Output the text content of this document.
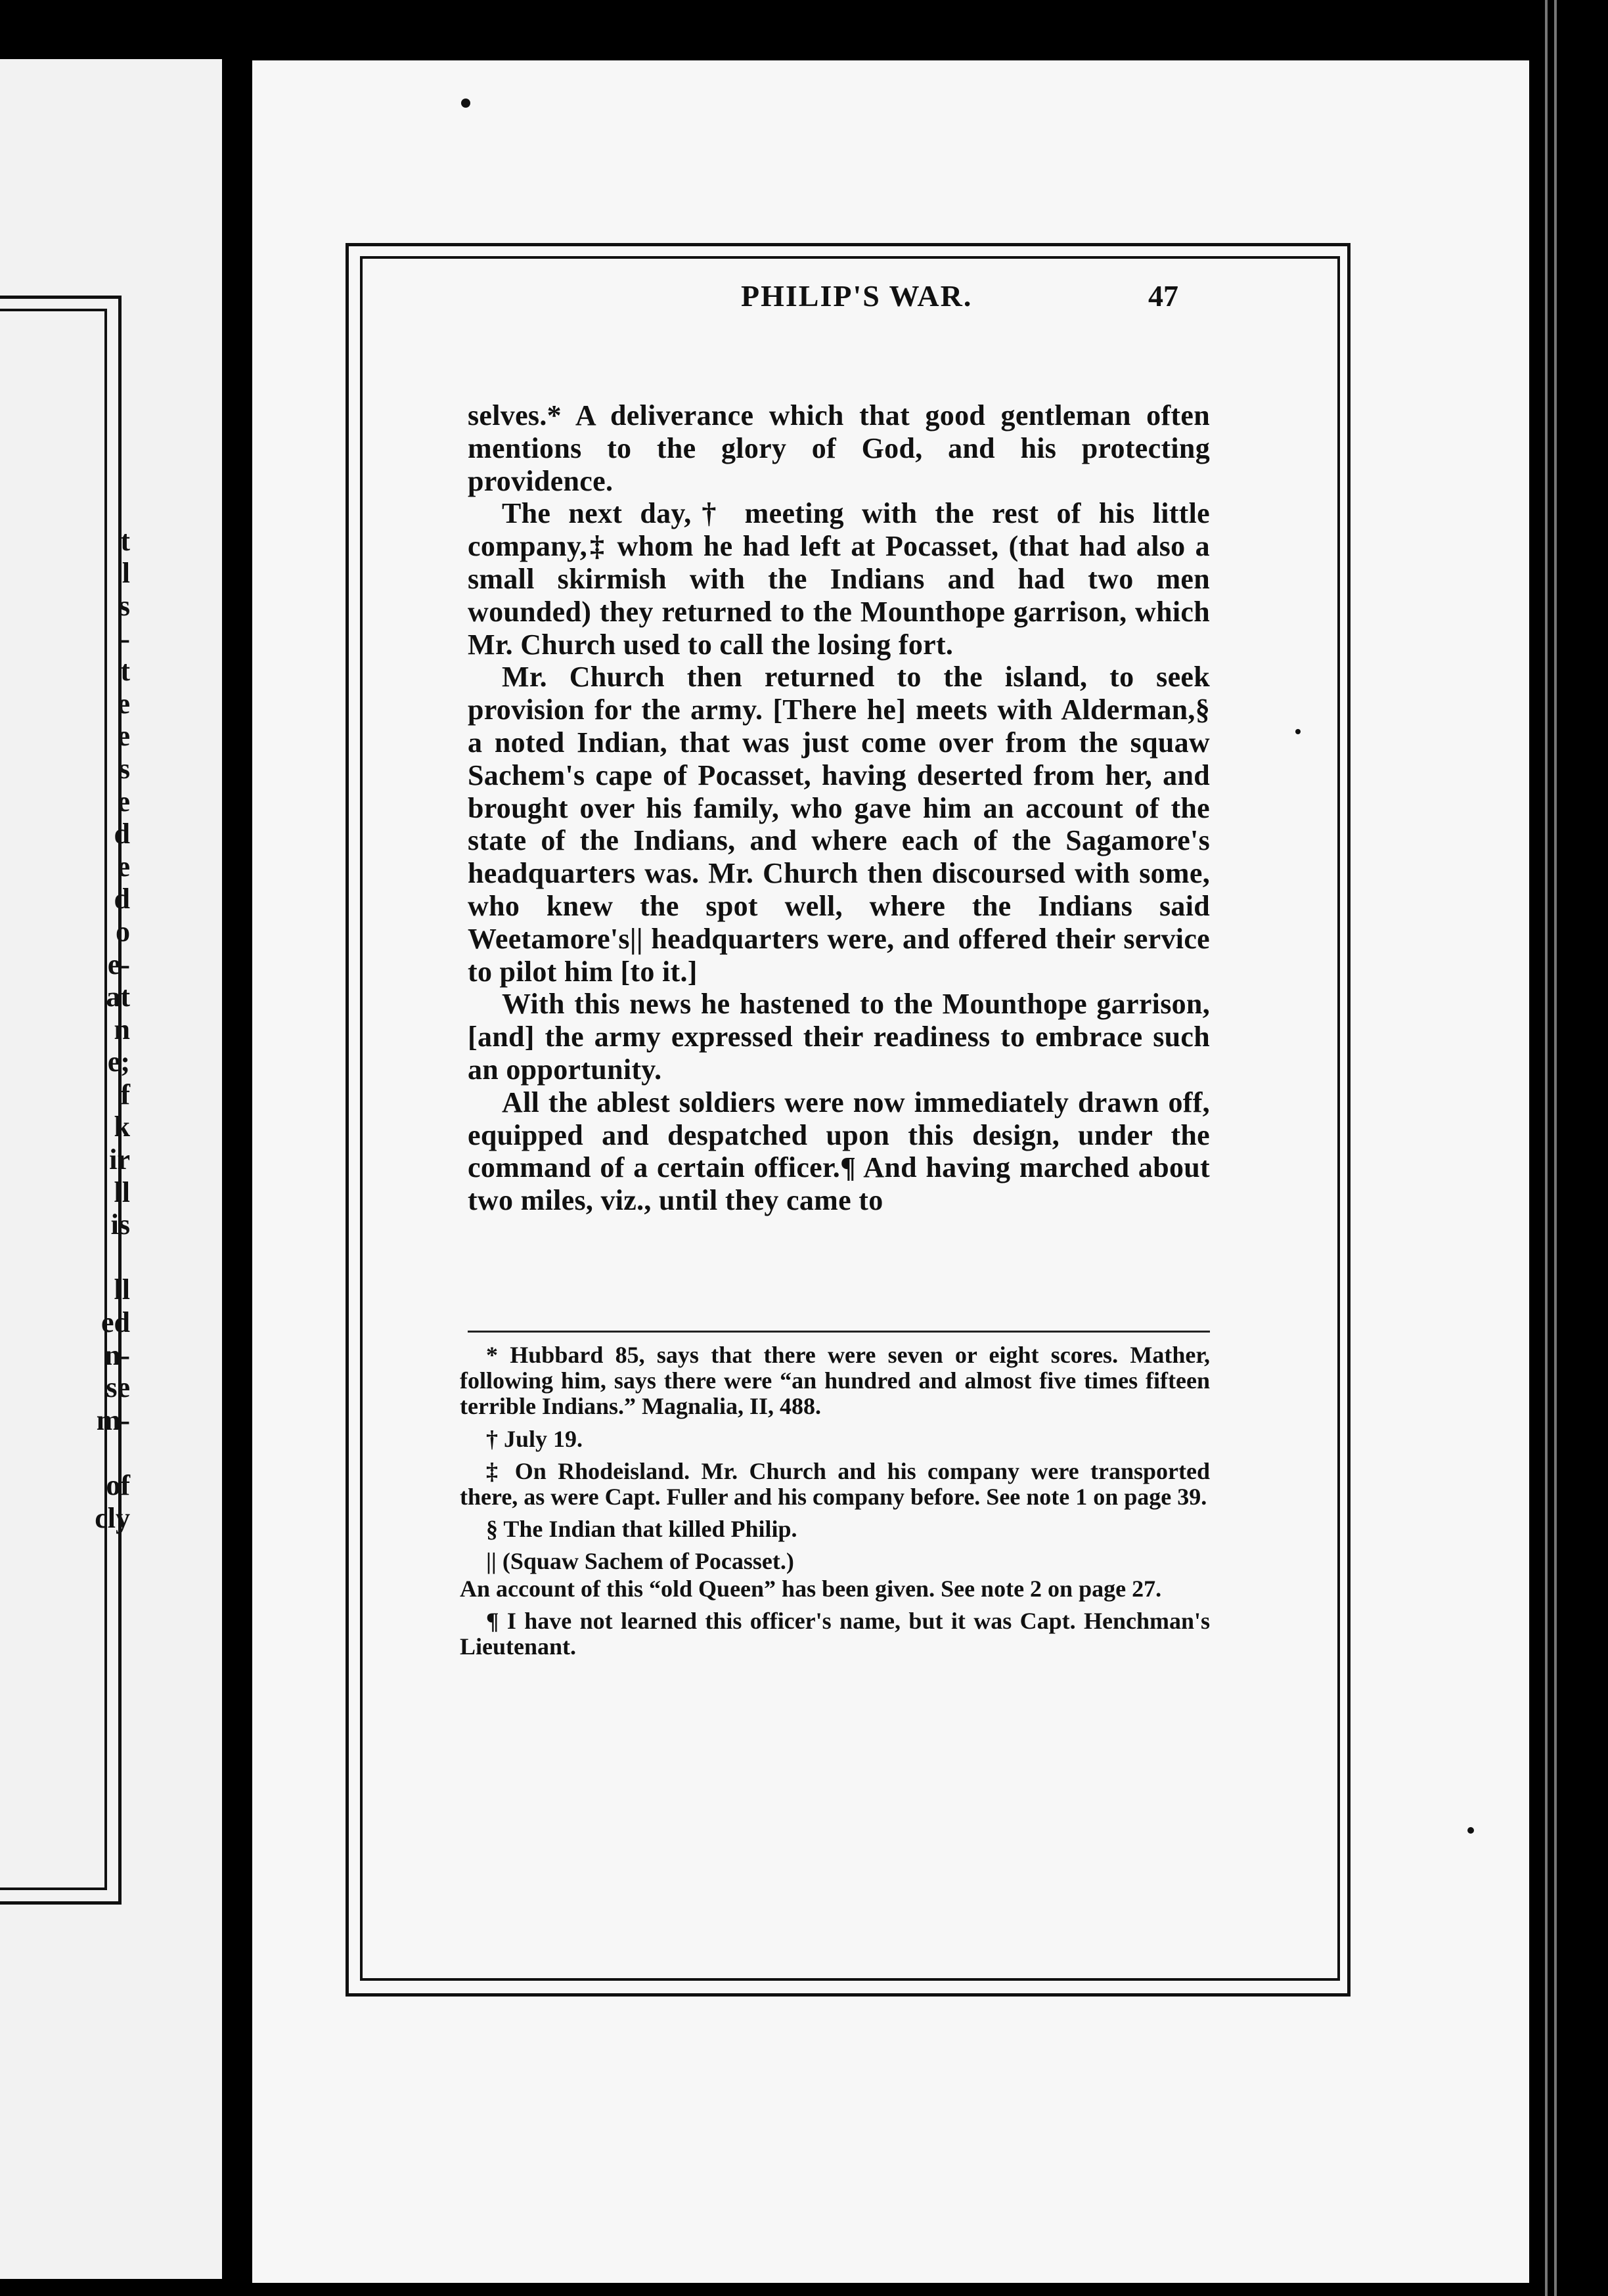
t
l
s
-
t
e
e
s
e
d
e
d
o
e-
at
n
e;
f
k
ir
ll
is

ll
ed
n-
se
m-

of
cly
PHILIP'S WAR.	47

selves.* A deliverance which that good gentleman often mentions to the glory of God, and his protecting providence.

The next day,† meeting with the rest of his little company,‡ whom he had left at Pocasset, (that had also a small skirmish with the Indians and had two men wounded) they returned to the Mounthope garrison, which Mr. Church used to call the losing fort.

Mr. Church then returned to the island, to seek provision for the army. [There he] meets with Alderman,§ a noted Indian, that was just come over from the squaw Sachem's cape of Pocasset, having deserted from her, and brought over his family, who gave him an account of the state of the Indians, and where each of the Sagamore's headquarters was. Mr. Church then discoursed with some, who knew the spot well, where the Indians said Weetamore's|| headquarters were, and offered their service to pilot him [to it.]

With this news he hastened to the Mounthope garrison, [and] the army expressed their readiness to embrace such an opportunity.

All the ablest soldiers were now immediately drawn off, equipped and despatched upon this design, under the command of a certain officer.¶ And having marched about two miles, viz., until they came to

* Hubbard 85, says that there were seven or eight scores. Mather, following him, says there were “an hundred and almost five times fifteen terrible Indians.” Magnalia, II, 488.

† July 19.

‡ On Rhodeisland. Mr. Church and his company were transported there, as were Capt. Fuller and his company before. See note 1 on page 39.

§ The Indian that killed Philip.

|| (Squaw Sachem of Pocasset.)

An account of this “old Queen” has been given. See note 2 on page 27.

¶ I have not learned this officer's name, but it was Capt. Henchman's Lieutenant.
